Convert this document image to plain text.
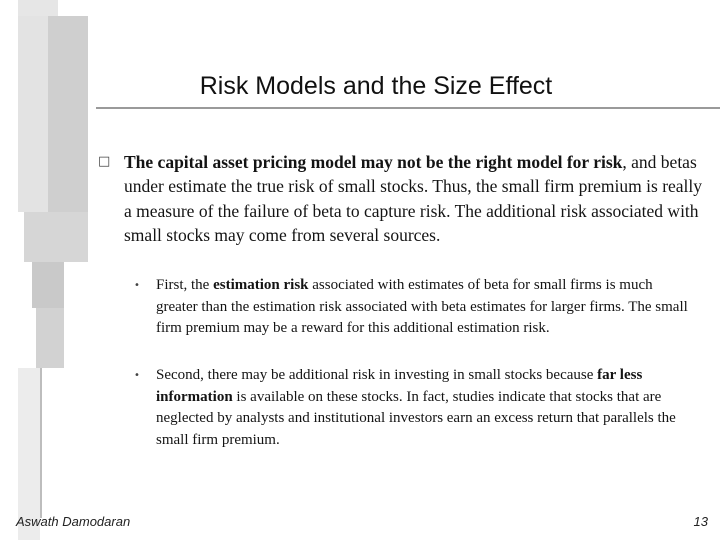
Risk Models and the Size Effect
□ The capital asset pricing model may not be the right model for risk, and betas under estimate the true risk of small stocks. Thus, the small firm premium is really a measure of the failure of beta to capture risk. The additional risk associated with small stocks may come from several sources.
• First, the estimation risk associated with estimates of beta for small firms is much greater than the estimation risk associated with beta estimates for larger firms. The small firm premium may be a reward for this additional estimation risk.
• Second, there may be additional risk in investing in small stocks because far less information is available on these stocks. In fact, studies indicate that stocks that are neglected by analysts and institutional investors earn an excess return that parallels the small firm premium.
Aswath Damodaran	13
